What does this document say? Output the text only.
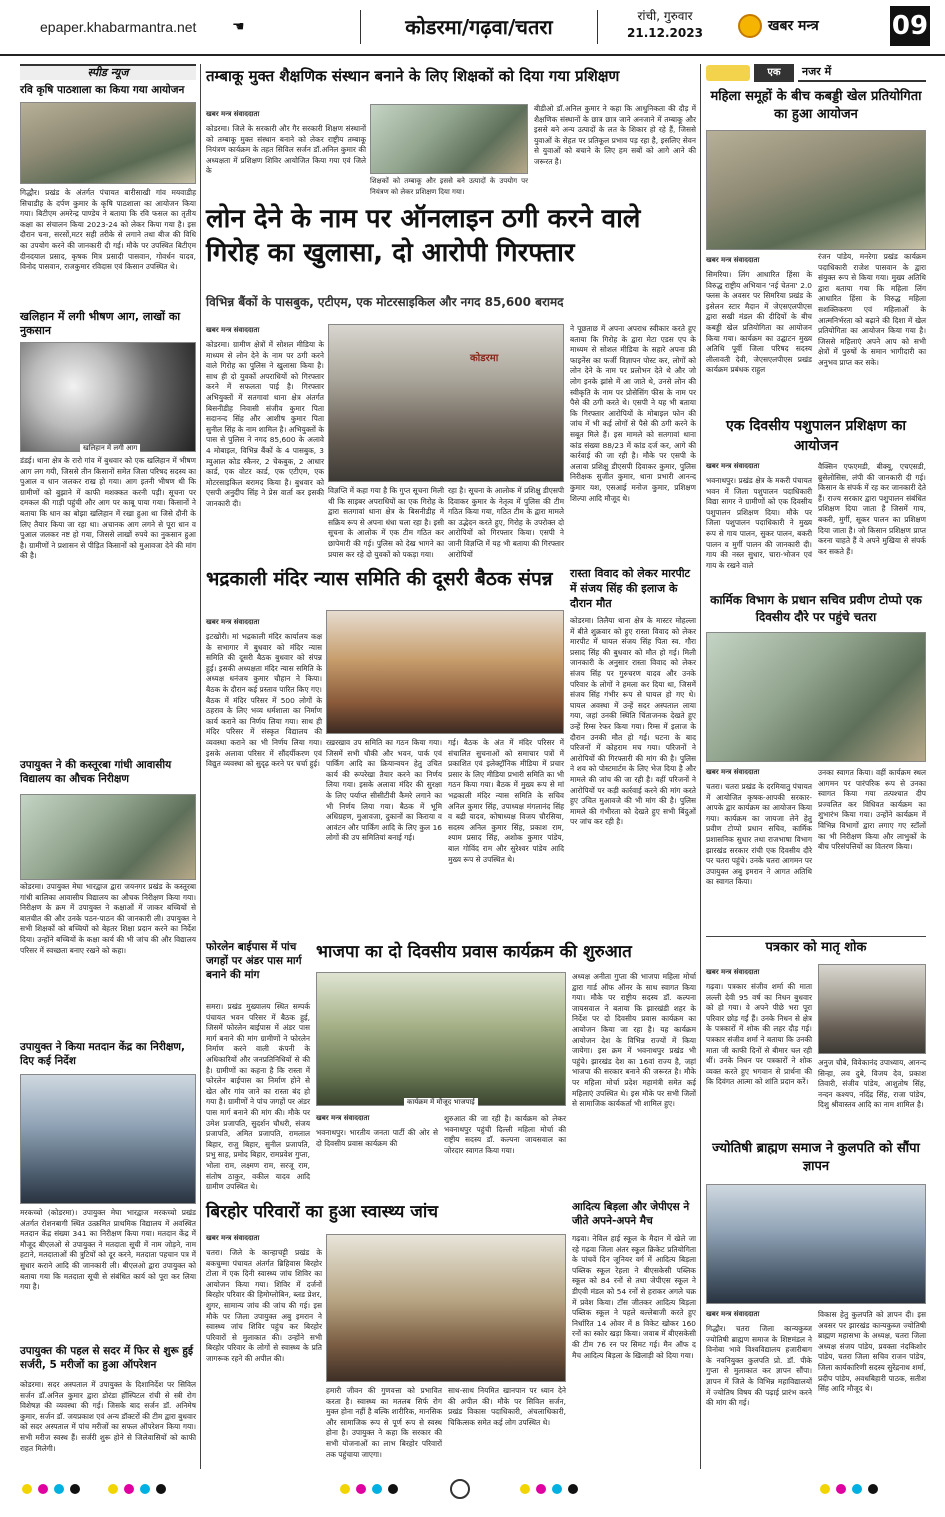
epaper.khabarmantra.net	☚	कोडरमा/गढ़वा/चतरा	रांची, गुरुवार
21.12.2023	खबर मन्त्र	09
स्पीड न्यूज
रवि कृषि पाठशाला का किया गया आयोजन
गिद्धौर। प्रखंड के अंतर्गत पंचायत बारीसाखी गांव मयवाडीह सिचाडीह के दर्पण कुमार के कृषि पाठशाला का आयोजन किया गया। बिटीएम अमरेन्द्र पाण्डेय ने बताया कि रवि फसल का तृतीय कक्षा का संचालन किया 2023-24 को लेकर किया गया है। इस दौरान चना, सरसों,मटर सही तरीके से लगाने तथा बीज की विधि का उपयोग करने की जानकारी दी गई। मौके पर उपस्थित बिटीएम दीनदयाल प्रसाद, कृषक मित्र प्रसादी पासवान, गोवर्धन यादव, विनोद पासवान, राजकुमार रविदास एवं किसान उपस्थित थे।
खलिहान में लगी भीषण आग, लाखों का नुकसान
खलिहान में लगी आग
डंडई। थाना क्षेत्र के रारो गांव में बुधवार को एक खलिहान में भीषण आग लग गयी, जिससे तीन किसानों समेत जिला परिषद सदस्य का पुआल व धान जलकर राख हो गया। आग इतनी भीषण थी कि ग्रामीणों को बुझाने में काफी मशक्कत करनी पड़ी। सूचना पर दमकल की गाड़ी पहुंची और आग पर काबू पाया गया। किसानों ने बताया कि धान का बोझा खलिहान में रखा हुआ था जिसे दौनी के लिए तैयार किया जा रहा था। अचानक आग लगने से पूरा धान व पुआल जलकर नष्ट हो गया, जिससे लाखों रुपये का नुकसान हुआ है। ग्रामीणों ने प्रशासन से पीड़ित किसानों को मुआवजा देने की मांग की है।
उपायुक्त ने की कस्तूरबा गांधी आवासीय विद्यालय का औचक निरीक्षण
कोडरमा। उपायुक्त मेघा भारद्वाज द्वारा जयनगर प्रखंड के कस्तूरबा गांधी बालिका आवासीय विद्यालय का औचक निरीक्षण किया गया। निरीक्षण के क्रम में उपायुक्त ने कक्षाओं में जाकर बच्चियों से बातचीत की और उनके पठन-पाठन की जानकारी ली। उपायुक्त ने सभी शिक्षकों को बच्चियों को बेहतर शिक्षा प्रदान करने का निर्देश दिया। उन्होंने बच्चियों के कक्षा कार्य की भी जांच की और विद्यालय परिसर में स्वच्छता बनाए रखने को कहा।
उपायुक्त ने किया मतदान केंद्र का निरीक्षण, दिए कई निर्देश
मरकच्चो (कोडरमा)। उपायुक्त मेघा भारद्वाज मरकच्चो प्रखंड अंतर्गत रोशनबागी स्थित उत्क्रमित प्राथमिक विद्यालय में अवस्थित मतदान केंद्र संख्या 341 का निरीक्षण किया गया। मतदान केंद्र में मौजूद बीएलओ से उपायुक्त ने मतदाता सूची में नाम जोड़ने, नाम हटाने, मतदाताओं की त्रुटियों को दूर करने, मतदाता पहचान पत्र में सुधार कराने आदि की जानकारी ली। बीएलओ द्वारा उपायुक्त को बताया गया कि मतदाता सूची से संबंधित कार्य को पूरा कर लिया गया है।
उपायुक्त की पहल से सदर में फिर से शुरू हुई सर्जरी, 5 मरीजों का हुआ ऑपरेशन
कोडरमा। सदर अस्पताल में उपायुक्त के दिशानिर्देश पर सिविल सर्जन डॉ.अनिल कुमार द्वारा डोरंडा हॉस्पिटल रांची से स्त्री रोग विशेषज्ञ की व्यवस्था की गई। जिसके बाद सर्जन डॉ. अनिमेष कुमार, सर्जन डॉ. जयप्रकाश एवं अन्य डॉक्टरों की टीम द्वारा बुधवार को सदर अस्पताल में पांच मरीजों का सफल ऑपरेशन किया गया। सभी मरीज स्वस्थ हैं। सर्जरी शुरू होने से जिलेवासियों को काफी राहत मिलेगी।
तम्बाकू मुक्त शैक्षणिक संस्थान बनाने के लिए शिक्षकों को दिया गया प्रशिक्षण
खबर मन्त्र संवाददाता
कोडरमा। जिले के सरकारी और गैर सरकारी शिक्षण संस्थानों को तम्बाकू मुक्त संस्थान बनाने को लेकर राष्ट्रीय तम्बाकू नियंत्रण कार्यक्रम के तहत सिविल सर्जन डॉ.अनिल कुमार की अध्यक्षता में प्रशिक्षण शिविर आयोजित किया गया एवं जिले के
शिक्षकों को तम्बाकू और इससे बने उत्पादों के उपयोग पर नियंत्रण को लेकर प्रशिक्षण दिया गया।
बीडीओ डॉ.अनिल कुमार ने कहा कि आधुनिकता की दौड़ में शैक्षणिक संस्थानों के छात्र छात्र जाने अनजाने में तम्बाकू और इससे बने अन्य उत्पादों के लत के शिकार हो रहे हैं, जिससे युवाओं के सेहत पर प्रतिकूल प्रभाव पड़ रहा है, इसलिए सेवन से युवाओं को बचाने के लिए हम सबों को आगे आने की जरूरत है।
लोन देने के नाम पर ऑनलाइन ठगी करने वाले गिरोह का खुलासा, दो आरोपी गिरफ्तार
विभिन्न बैंकों के पासबुक, एटीएम, एक मोटरसाइकिल और नगद 85,600 बरामद
खबर मन्त्र संवाददाता
कोडरमा। ग्रामीण क्षेत्रों में सोशल मीडिया के माध्यम से लोन देने के नाम पर ठगी करने वाले गिरोह का पुलिस ने खुलासा किया है। साथ ही दो युवकों अपराधियों को गिरफ्तार करने में सफलता पाई है। गिरफ्तार अभियुक्तों में सतगावां थाना क्षेत्र अंतर्गत बिसनीडीह निवासी संजीव कुमार पिता सदानन्द सिंह और आशीष कुमार पिता सुनील सिंह के नाम शामिल है। अभियुक्तों के पास से पुलिस ने नगद 85,600 के अलावे 4 मोबाइल, विभिन्न बैंकों के 4 पासबुक, 3 म्युआल कोड स्कैनर, 2 चेकबुक, 2 आधार कार्ड, एक वोटर कार्ड, एक एटीएम, एक मोटरसाइकिल बरामद किया है। बुधवार को एसपी अनुदीप सिंह ने प्रेस वार्ता कर इसकी जानकारी दी।
कोडरमा
विज्ञप्ति में कहा गया है कि गुप्त सूचना मिली थी कि साइबर अपराधियों का एक गिरोह के द्वारा सतगावां थाना क्षेत्र के बिसनीडीह में सक्रिय रूप से अपना धंधा चला रहा है। इसी सूचना के आलोक में एक टीम गठित कर छापेमारी की गई। पुलिस को देख भागने का प्रयास कर रहे दो युवकों को पकड़ा गया।
रहा है। सूचना के आलोक में प्रशिक्षु डीएसपी दिवाकर कुमार के नेतृत्व में पुलिस की टीम गठित किया गया, गठित टीम के द्वारा मामले का उद्भेदन करते हुए, गिरोह के उपरोक्त दो आरोपियों को गिरफ्तार किया। एसपी ने जानी विज्ञप्ति में यह भी बताया की गिरफ्तार आरोपियों
ने पूछताछ में अपना अपराध स्वीकार करते हुए बताया कि गिरोह के द्वारा मेटा एडस एप के माध्यम से सोशल मीडिया के सहारे अपना फ्री फाइनेंस का फर्जी विज्ञापन पोस्ट कर, लोगों को लोन देने के नाम पर प्रलोभन देते थे और जो लोग इनके झांसे में आ जाते थे, उनसे लोन की स्वीकृति के नाम पर प्रोसेसिंग फीस के नाम पर पैसे की ठगी करते थे। एसपी ने यह भी बताया कि गिरफ्तार आरोपियों के मोबाइल फोन की जांच में भी कई लोगों से पैसे की ठगी करने के सबूत मिले हैं। इस मामले को सतगावां थाना कांड संख्या 88/23 में कांड दर्ज कर, आगे की कार्रवाई की जा रही है। मौके पर एसपी के अलावा प्रशिक्षु डीएसपी दिवाकर कुमार, पुलिस निरीक्षक सुजीत कुमार, थाना प्रभारी आनन्द कुमार यश, एसआई मनोज कुमार, प्रशिक्षण शिल्पा आदि मौजूद थे।
भद्रकाली मंदिर न्यास समिति की दूसरी बैठक संपन्न
खबर मन्त्र संवाददाता
इटखोरी। मां भद्रकाली मंदिर कार्यालय कक्ष के सभागार में बुधवार को मंदिर न्यास समिति की दूसरी बैठक बुधवार को संपन्न हुई। इसकी अध्यक्षता मंदिर न्यास समिति के अध्यक्ष धनंजय कुमार चौहान ने किया। बैठक के दौरान कई प्रस्ताव पारित किए गए। बैठक में मंदिर परिसर में 500 लोगों के ठहराव के लिए भव्य धर्मशाला का निर्माण कार्य कराने का निर्णय लिया गया। साथ ही मंदिर परिसर में संस्कृत विद्यालय की व्यवस्था कराने का भी निर्णय लिया गया। इसके अलावा परिसर में सौंदर्यीकरण एवं विद्युत व्यवस्था को सुदृढ़ करने पर चर्चा हुई।
रख़रखाव उप समिति का गठन किया गया। जिसमें सभी चौकी और भवन, पार्क एवं पार्किंग आदि का क्रियान्वयन हेतु उचित कार्य की रूपरेखा तैयार करने का निर्णय लिया गया। इसके अलावा मंदिर की सुरक्षा के लिए पर्याप्त सीसीटीवी कैमरे लगाने का भी निर्णय लिया गया। बैठक में भूमि अधिग्रहण, मुआवजा, दुकानों का किराया व आवंटन और पार्किंग आदि के लिए कुल 16 लोगों की उप समितियां बनाई गई।
गई। बैठक के अंत में मंदिर परिसर में संचालित सुचनाओं को समाचार पत्रों में प्रकाशित एवं इलेक्ट्रॉनिक मीडिया में प्रचार प्रसार के लिए मीडिया प्रभारी समिति का भी गठन किया गया। बैठक में मुख्य रूप से मां भद्रकाली मंदिर न्यास समिति के सचिव अनिल कुमार सिंह, उपाध्यक्ष मंगलानंद सिंह व बद्री यादव, कोषाध्यक्ष विजय चौरसिया, सदस्य अनिल कुमार सिंह, प्रकाश राम, श्याम प्रसाद सिंह, अशोक कुमार पांडेय, बाल गोविंद राम और सुरेश्वर पांडेय आदि मुख्य रूप से उपस्थित थे।
रास्ता विवाद को लेकर मारपीट में संजय सिंह की इलाज के दौरान मौत
कोडरमा। तिलैया थाना क्षेत्र के मास्टर मोहल्ला में बीते शुक्रवार को हुए रास्ता विवाद को लेकर मारपीट में घायल संजय सिंह पिता स्व. गौरा प्रसाद सिंह की बुधवार को मौत हो गई। मिली जानकारी के अनुसार रास्ता विवाद को लेकर संजय सिंह पर गुरुचरण यादव और उनके परिवार के लोगों ने हमला कर दिया था, जिसमें संजय सिंह गंभीर रूप से घायल हो गए थे। घायल अवस्था में उन्हें सदर अस्पताल लाया गया, जहां उनकी स्थिति चिंताजनक देखते हुए उन्हें रिम्स रेफर किया गया। रिम्स में इलाज के दौरान उनकी मौत हो गई। घटना के बाद परिजनों में कोहराम मच गया। परिजनों ने आरोपियों की गिरफ्तारी की मांग की है। पुलिस ने शव को पोस्टमार्टम के लिए भेज दिया है और मामले की जांच की जा रही है। वहीं परिजनों ने आरोपियों पर कड़ी कार्रवाई करने की मांग करते हुए उचित मुआवजे की भी मांग की है। पुलिस मामले की गंभीरता को देखते हुए सभी बिंदुओं पर जांच कर रही है।
फोरलेन बाईपास में पांच जगहों पर अंडर पास मार्ग बनाने की मांग
समरा। प्रखंड मुख्यालय स्थित सम्पर्क पंचायत भवन परिसर में बैठक हुई, जिसमें फोरलेन बाईपास में अंडर पास मार्ग बनाने की मांग ग्रामीणों ने फोरलेन निर्माण करने वाली कंपनी के अधिकारियों और जनप्रतिनिधियों से की है। ग्रामीणों का कहना है कि रास्ता में फोरलेन बाईपास का निर्माण होने से खेत और गांव जाने का रास्ता बंद हो गया है। ग्रामीणों ने पांच जगहों पर अंडर पास मार्ग बनाने की मांग की। मौके पर उमेश प्रजापति, सुदर्शन चौधरी, संजय प्रजापति, अमित प्रजापति, रामलाल बिहार, राजु बिहार, सुनील प्रजापति, प्रभु साह, प्रमोद बिहार, रामप्रवेश गुप्ता, भोला राम, लक्ष्मण राम, सरजू राम, संतोष ठाकुर, वकील यादव आदि ग्रामीण उपस्थित थे।
भाजपा का दो दिवसीय प्रवास कार्यक्रम की शुरुआत
कार्यक्रम में मौजूद भाजपाई
खबर मन्त्र संवाददाता
भवनाथपुर। भारतीय जनता पार्टी की ओर से दो दिवसीय प्रवास कार्यक्रम की
शुरुआत की जा रही है। कार्यक्रम को लेकर भवनाथपुर पहुंची दिल्ली महिला मोर्चा की राष्ट्रीय सदस्य डॉ. कल्पना जायसवाल का जोरदार स्वागत किया गया।
अध्यक्ष अनीता गुप्ता की भाजपा महिला मोर्चा द्वारा गार्ड ऑफ ऑनर के साथ स्वागत किया गया। मौके पर राष्ट्रीय सदस्य डॉ. कल्पना जायसवाल ने बताया कि झारखंडी शहर के निर्देश पर दो दिवसीय प्रवास कार्यक्रम का आयोजन किया जा रहा है। यह कार्यक्रम आयोजन देश के विभिन्न राज्यों में किया जायेगा। इस क्रम में भवनाथपुर प्रखंड भी पहुंचे। झारखंड देश का 16वां राज्य है, जहां भाजपा की सरकार बनाने की जरूरत है। मौके पर महिला मोर्चा प्रदेश महामंत्री समेत कई महिलाएं उपस्थित थे। इस मौके पर सभी जिलों से सामाजिक कार्यकर्ता भी शामिल हुए।
बिरहोर परिवारों का हुआ स्वास्थ्य जांच
खबर मन्त्र संवाददाता
चतरा। जिले के कान्हाचट्टी प्रखंड के बकचुम्मा पंचायत अंतर्गत ब्रिहिवास बिरहोर टोला में एक दिनी स्वास्थ्य जांच शिविर का आयोजन किया गया। शिविर में दर्जनों बिरहोर परिवार की हिमोग्लोबिन, ब्लड प्रेशर, शुगर, सामान्य जांच की जांच की गई। इस मौके पर जिला उपायुक्त अबु इमरान ने स्वास्थ्य जांच शिविर पहुंच कर बिरहोर परिवारों से मुलाकात की। उन्होंने सभी बिरहोर परिवार के लोगों से स्वास्थ्य के प्रति जागरूक रहने की अपील की।
हमारी जीवन की गुणवत्ता को प्रभावित करता है। स्वास्थ्य का मतलब सिर्फ रोग मुक्त होना नहीं है बल्कि शारीरिक, मानसिक और सामाजिक रूप से पूर्ण रूप से स्वस्थ होना है। उपायुक्त ने कहा कि सरकार की सभी योजनाओं का लाभ बिरहोर परिवारों तक पहुंचाया जाएगा।
साथ-साथ नियमित खानपान पर ध्यान देने की अपील की। मौके पर सिविल सर्जन, प्रखंड विकास पदाधिकारी, अंचलाधिकारी, चिकित्सक समेत कई लोग उपस्थित थे।
आदित्य बिड़ला और जेपीएस ने जीते अपने-अपने मैच
गढ़वा। नेविल हाई स्कूल के मैदान में खेले जा रहे गढ़वा जिला अंतर स्कूल क्रिकेट प्रतियोगिता के पांचवें दिन जूनियर वर्ग में आदित्य बिड़ला पब्लिक स्कूल रेहला ने बीएसकेसी पब्लिक स्कूल को 84 रनों से तथा जेपीएस स्कूल ने डीएवी मंडल को 54 रनों से हराकर अगले चक्र में प्रवेश किया। टॉस जीतकर आदित्य बिड़ला पब्लिक स्कूल ने पहले बल्लेबाजी करते हुए निर्धारित 14 ओवर में 8 विकेट खोकर 160 रनों का स्कोर खड़ा किया। जवाब में बीएसकेसी की टीम 76 रन पर सिमट गई। मैन ऑफ द मैच आदित्य बिड़ला के खिलाड़ी को दिया गया।
एक	नजर में
महिला समूहों के बीच कबड्डी खेल प्रतियोगिता का हुआ आयोजन
खबर मन्त्र संवाददाता
सिमरिया। लिंग आधारित हिंसा के विरुद्ध राष्ट्रीय अभियान 'नई चेतना' 2.0 फ्लस के अवसर पर सिमरिया प्रखंड के इसेलन स्टार मैदान में जेएसएलपीएस द्वारा सखी मंडल की दीदियों के बीच कबड्डी खेल प्रतियोगिता का आयोजन किया गया। कार्यक्रम का उद्घाटन मुख्य अतिथि पूर्वी जिला परिषद सदस्य लीलावती देवी, जेएसएलपीएस प्रखंड कार्यक्रम प्रबंधक राहुल
रंजन पांडेय, मनरेगा प्रखंड कार्यक्रम पदाधिकारी राजेश पासवान के द्वारा संयुक्त रूप से किया गया। मुख्य अतिथि द्वारा बताया गया कि महिला लिंग आधारित हिंसा के विरुद्ध महिला सशक्तिकरण एवं महिलाओं के आत्मनिर्भरता को बढ़ाने की दिशा में खेल प्रतियोगिता का आयोजन किया गया है। जिससे महिलाएं अपने आप को सभी क्षेत्रों में पुरुषों के समान भागीदारी का अनुभव प्राप्त कर सके।
एक दिवसीय पशुपालन प्रशिक्षण का आयोजन
खबर मन्त्र संवाददाता
भवनाथपुर। प्रखंड क्षेत्र के मकरी पंचायत भवन में जिला पशुपालन पदाधिकारी विद्या सागर ने ग्रामीणों को एक दिवसीय पशुपालन प्रशिक्षण दिया। मौके पर जिला पशुपालन पदाधिकारी ने मुख्य रूप से गाय पालन, सुकर पालन, बकरी पालन व मुर्गी पालन की जानकारी दी। गाय की नस्ल सुधार, चारा-भोजन एवं गाय के रखने वाले
वैक्सिन एफएमडी, बीक्यू, एचएसडी, ब्रुसेलोसिस, लंपी की जानकारी दी गई। किसान के संपर्क में रह कर जानकारी देते हैं। राज्य सरकार द्वारा पशुपालन संबंधित प्रशिक्षण दिया जाता है जिसमें गाय, बकरी, मुर्गी, सूकर पालन का प्रशिक्षण दिया जाता है। जो किसान प्रशिक्षण प्राप्त करना चाहते हैं वे अपने मुखिया से संपर्क कर सकते हैं।
कार्मिक विभाग के प्रधान सचिव प्रवीण टोप्पो एक दिवसीय दौरे पर पहुंचे चतरा
खबर मन्त्र संवाददाता
चतरा। चतरा प्रखंड के दरमियातु पंचायत में आयोजित कृषक-आपकी सरकार-आपके द्वार कार्यक्रम का आयोजन किया गया। कार्यक्रम का जायजा लेने हेतु प्रवीण टोप्पो प्रधान सचिव, कार्मिक प्रशासनिक सुधार तथा राजभाषा विभाग झारखंड सरकार रांची एक दिवसीय दौरे पर चतरा पहुंचे। उनके चतरा आगमन पर उपायुक्त अबु इमरान ने आगत अतिथि का स्वागत किया।
उनका स्वागत किया। वहीं कार्यक्रम स्थल आगमन पर पारंपरिक रूप से उनका स्वागत किया गया तत्पश्चात दीप प्रज्वलित कर विधिवत कार्यक्रम का शुभारंभ किया गया। उन्होंने कार्यक्रम में विभिन्न विभागों द्वारा लगाए गए स्टॉलों का भी निरीक्षण किया और लाभुकों के बीच परिसंपत्तियों का वितरण किया।
पत्रकार को मातृ शोक
खबर मन्त्र संवाददाता
गढ़वा। पत्रकार संजीव शर्मा की माता लल्ली देवी 95 वर्ष का निधन बुधवार को हो गया। वे अपने पीछे भरा पूरा परिवार छोड़ गईं हैं। उनके निधन से क्षेत्र के पत्रकारों में शोक की लहर दौड़ गई। पत्रकार संजीव शर्मा ने बताया कि उनकी माता जी काफी दिनों से बीमार चल रही थीं। उनके निधन पर पत्रकारों ने शोक व्यक्त करते हुए भगवान से प्रार्थना की कि दिवंगत आत्मा को शांति प्रदान करें।
अनुज चौबे, विवेकानंद उपाध्याय, आनन्द सिन्हा, लव दुबे, विजय देव, प्रकाश तिवारी, संजीव पांडेय, आशुतोष सिंह, नन्दन कश्यप, नदिंद्र सिंह, राजा पांडेय, दिशु श्रीवास्तव आदि का नाम शामिल है।
ज्योतिषी ब्राह्मण समाज ने कुलपति को सौंपा ज्ञापन
खबर मन्त्र संवाददाता
गिद्धौर। चतरा जिला कान्यकुब्ज ज्योतिषी ब्राह्मण समाज के शिष्टमंडल ने विनोबा भावे विश्वविद्यालय हजारीबाग के नवनियुक्त कुलपति प्रो. डॉ. पीके गुप्ता से मुलाकात कर ज्ञापन सौंपा। ज्ञापन में जिले के विभिन्न महाविद्यालयों में ज्योतिष विषय की पढ़ाई प्रारंभ करने की मांग की गई।
विकास हेतु कुलपति को ज्ञापन दी। इस अवसर पर झारखंड कान्यकुब्ज ज्योतिषी ब्राह्मण महासभा के अध्यक्ष, चतरा जिला अध्यक्ष संजय पांडेय, प्रवक्ता नंदकिशोर पांडेय, चतरा जिला सचिव राजन पांडेय, जिला कार्यकारिणी सदस्य सुरेंद्रनाथ शर्मा, प्रदीप पांडेय, अवधबिहारी पाठक, सतीश सिंह आदि मौजूद थे।
